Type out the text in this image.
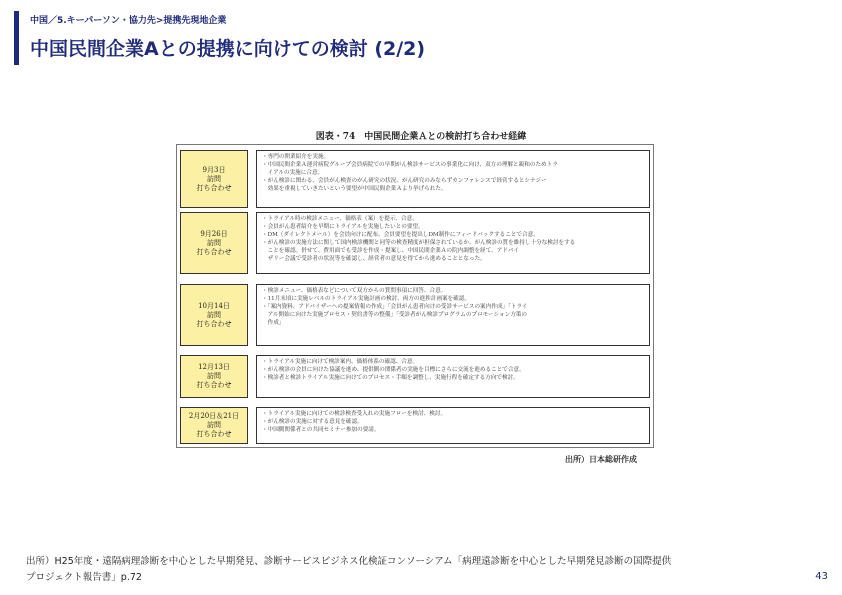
中国／5.キーパーソン・協力先>提携先現地企業
中国民間企業Aとの提携に向けての検討 (2/2)
図表・74　中国民間企業Ａとの検討打ち合わせ経緯
9月3日
訪問
打ち合わせ
・専門の開業紹介を実施。
・中国民間企業Ａ運営病院グループ会員病院での早期がん検診サービスの事業化に向け、双方の理解と親和のためトラ
　イアルの実施に合意。
・がん検診に関わる、会員がん検査のがん研究の状況、がん研究のみならずカンファレンスで経営するとシナジー
　効果を重視していきたいという要望が中国民間企業Ａより挙げられた。
9月26日
訪問
打ち合わせ
・トライアル時の検診メニュー、価格表（案）を提示、合意。
・会員がん患者紹介を早期にトライアルを実施したいとの要望。
・DM（ダイレクトメール）を会員向けに配布。会員要望を提出しDM制作にフィードバックすることで合意。
・がん検診の実施方法に関して国内検診機関と同等の検査精度が担保されているか、がん検診の質を維持し十分な検討をする
　ことを確認。併せて、費用面でも受診を作成・提案し、中国民間企業Ａの院内調整を経て、アドバイ
　ザリー会議で受診者の状況等を確認し、経営者の意見を得てから進めることとなった。
10月14日
訪問
打ち合わせ
・検診メニュー、価格表などについて双方からの質問事項に回答、合意。
・11月末頃に実施レベルのトライアル実施計画の検討、両方の進捗計画案を確認。
・「案内資料、アドバイザーへの提案情報の作成」「会員がん患者向けの受診サービスの案内作成」「トライ
　アル開始に向けた実施プロセス・契約書等の整備」「受診者がん検診プログラムのプロモーション方策の
　作成」
12月13日
訪問
打ち合わせ
・トライアル実施に向けて検診案内、価格体系の確認、合意。
・がん検診の会員に向けた協議を進め、提供側の関係者の実施を目標にさらに交流を進めることで合意。
・検診者と検診トライアル実施に向けてのプロセス・手順を調整し、実施行程を確定する方向で検討。
2月20日＆21日
訪問
打ち合わせ
・トライアル実施に向けての検診検査受入れの実施フローを検討、検討。
・がん検診の実施に対する意見を確認。
・中国側関係者との共同セミナー参加の要請。
出所）日本総研作成
出所）H25年度・遠隔病理診断を中心とした早期発見、診断サービスビジネス化検証コンソーシアム「病理遠診断を中心とした早期発見診断の国際提供
プロジェクト報告書」p.72	43
